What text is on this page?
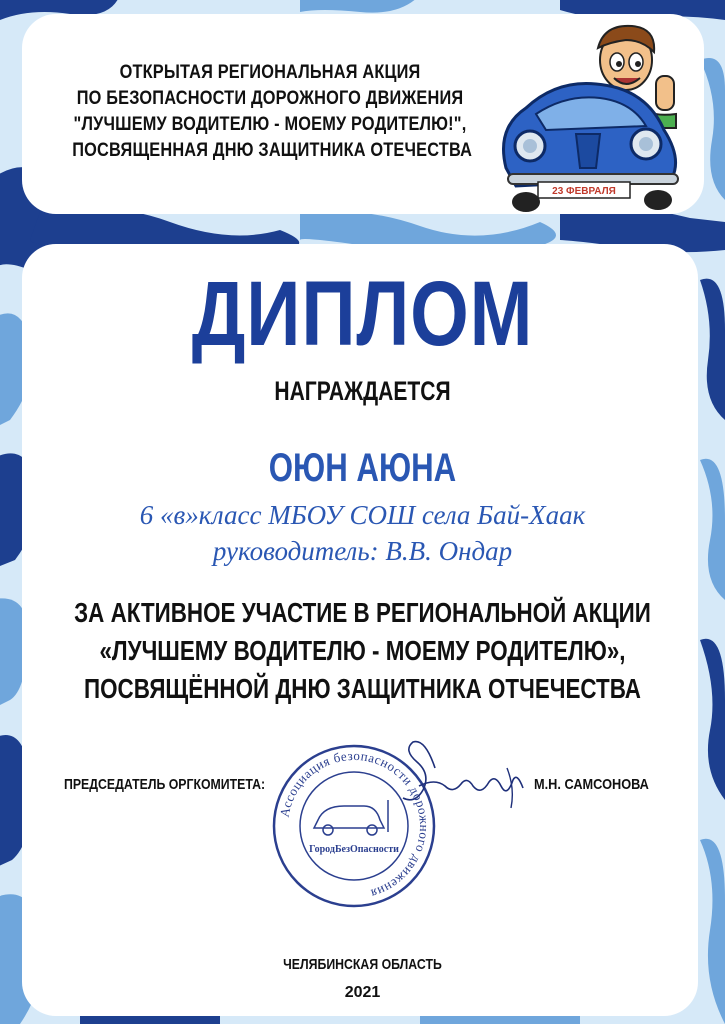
ОТКРЫТАЯ РЕГИОНАЛЬНАЯ АКЦИЯ
ПО БЕЗОПАСНОСТИ ДОРОЖНОГО ДВИЖЕНИЯ
"ЛУЧШЕМУ ВОДИТЕЛЮ - МОЕМУ РОДИТЕЛЮ!",
ПОСВЯЩЕННАЯ ДНЮ ЗАЩИТНИКА ОТЕЧЕСТВА
23 ФЕВРАЛЯ
ДИПЛОМ
НАГРАЖДАЕТСЯ
ОЮН АЮНА
6 «в»класс МБОУ СОШ села Бай-Хаак
руководитель: В.В. Ондар
ЗА АКТИВНОЕ УЧАСТИЕ В РЕГИОНАЛЬНОЙ АКЦИИ
«ЛУЧШЕМУ ВОДИТЕЛЮ - МОЕМУ РОДИТЕЛЮ»,
ПОСВЯЩЁННОЙ ДНЮ ЗАЩИТНИКА ОТЧЕЧЕСТВА
Ассоциация безопасности дорожного движения
ГородБезОпасности
ПРЕДСЕДАТЕЛЬ ОРГКОМИТЕТА:	М.Н. САМСОНОВА
ЧЕЛЯБИНСКАЯ ОБЛАСТЬ
2021
